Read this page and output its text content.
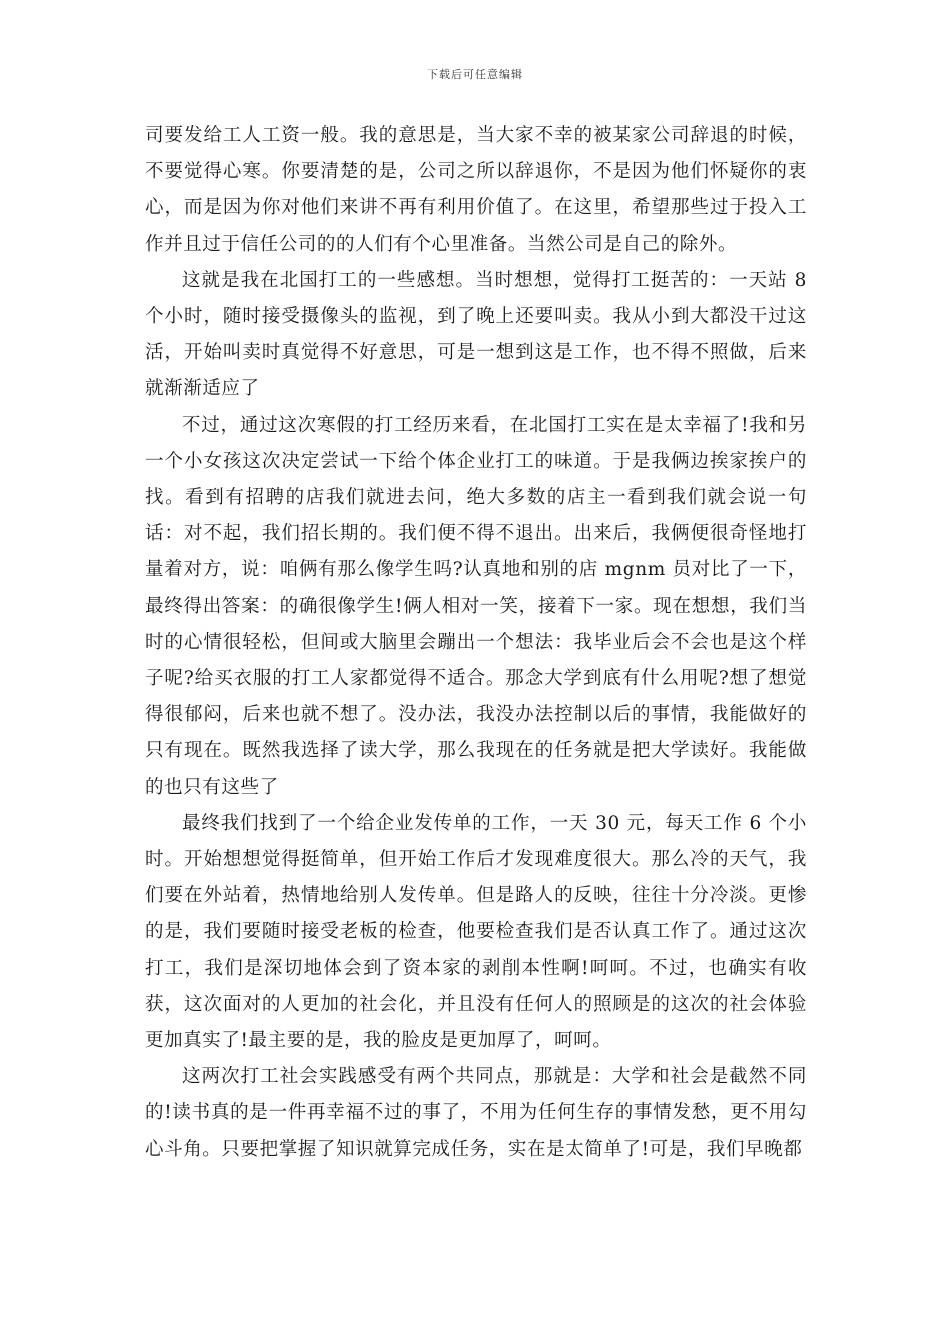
下载后可任意编辑

司要发给工人工资一般。我的意思是，当大家不幸的被某家公司辞退的时候，不要觉得心寒。你要清楚的是，公司之所以辞退你，不是因为他们怀疑你的衷心，而是因为你对他们来讲不再有利用价值了。在这里，希望那些过于投入工作并且过于信任公司的的人们有个心里准备。当然公司是自己的除外。

这就是我在北国打工的一些感想。当时想想，觉得打工挺苦的：一天站 8 个小时，随时接受摄像头的监视，到了晚上还要叫卖。我从小到大都没干过这活，开始叫卖时真觉得不好意思，可是一想到这是工作，也不得不照做，后来就渐渐适应了

不过，通过这次寒假的打工经历来看，在北国打工实在是太幸福了!我和另一个小女孩这次决定尝试一下给个体企业打工的味道。于是我俩边挨家挨户的找。看到有招聘的店我们就进去问，绝大多数的店主一看到我们就会说一句话：对不起，我们招长期的。我们便不得不退出。出来后，我俩便很奇怪地打量着对方，说：咱俩有那么像学生吗?认真地和别的店 mgnm 员对比了一下，最终得出答案：的确很像学生!俩人相对一笑，接着下一家。现在想想，我们当时的心情很轻松，但间或大脑里会蹦出一个想法：我毕业后会不会也是这个样子呢?给买衣服的打工人家都觉得不适合。那念大学到底有什么用呢?想了想觉得很郁闷，后来也就不想了。没办法，我没办法控制以后的事情，我能做好的只有现在。既然我选择了读大学，那么我现在的任务就是把大学读好。我能做的也只有这些了

最终我们找到了一个给企业发传单的工作，一天 30 元，每天工作 6 个小时。开始想想觉得挺简单，但开始工作后才发现难度很大。那么冷的天气，我们要在外站着，热情地给别人发传单。但是路人的反映，往往十分冷淡。更惨的是，我们要随时接受老板的检查，他要检查我们是否认真工作了。通过这次打工，我们是深切地体会到了资本家的剥削本性啊!呵呵。不过，也确实有收获，这次面对的人更加的社会化，并且没有任何人的照顾是的这次的社会体验更加真实了!最主要的是，我的脸皮是更加厚了，呵呵。

这两次打工社会实践感受有两个共同点，那就是：大学和社会是截然不同的!读书真的是一件再幸福不过的事了，不用为任何生存的事情发愁，更不用勾心斗角。只要把掌握了知识就算完成任务，实在是太简单了!可是，我们早晚都
